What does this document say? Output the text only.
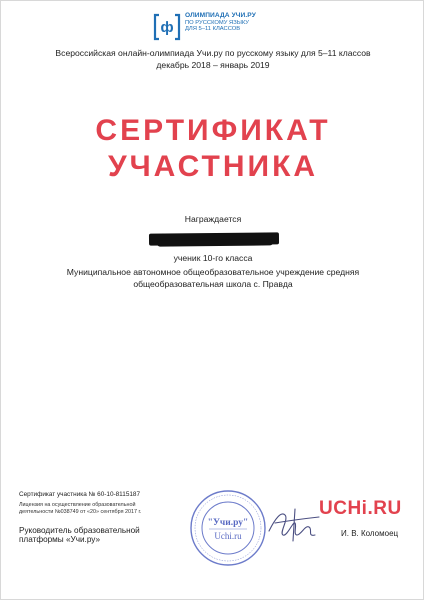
ф
ОЛИМПИАДА УЧИ.РУ
ПО РУССКОМУ ЯЗЫКУ
ДЛЯ 5–11 КЛАССОВ
Всероссийская онлайн-олимпиада Учи.ру по русскому языку для 5–11 классов
декабрь 2018 – январь 2019
СЕРТИФИКАТ
УЧАСТНИКА
Награждается
ученик 10-го класса
Муниципальное автономное общеобразовательное учреждение средняя общеобразовательная школа с. Правда
Сертификат участника № 60-10-8115187
Лицензия на осуществление образовательной
деятельности №038749 от «20» сентября 2017 г.
Руководитель образовательной
платформы «Учи.ру»
"Учи.ру"
Uchi.ru
UCHi.RU
И. В. Коломоец
